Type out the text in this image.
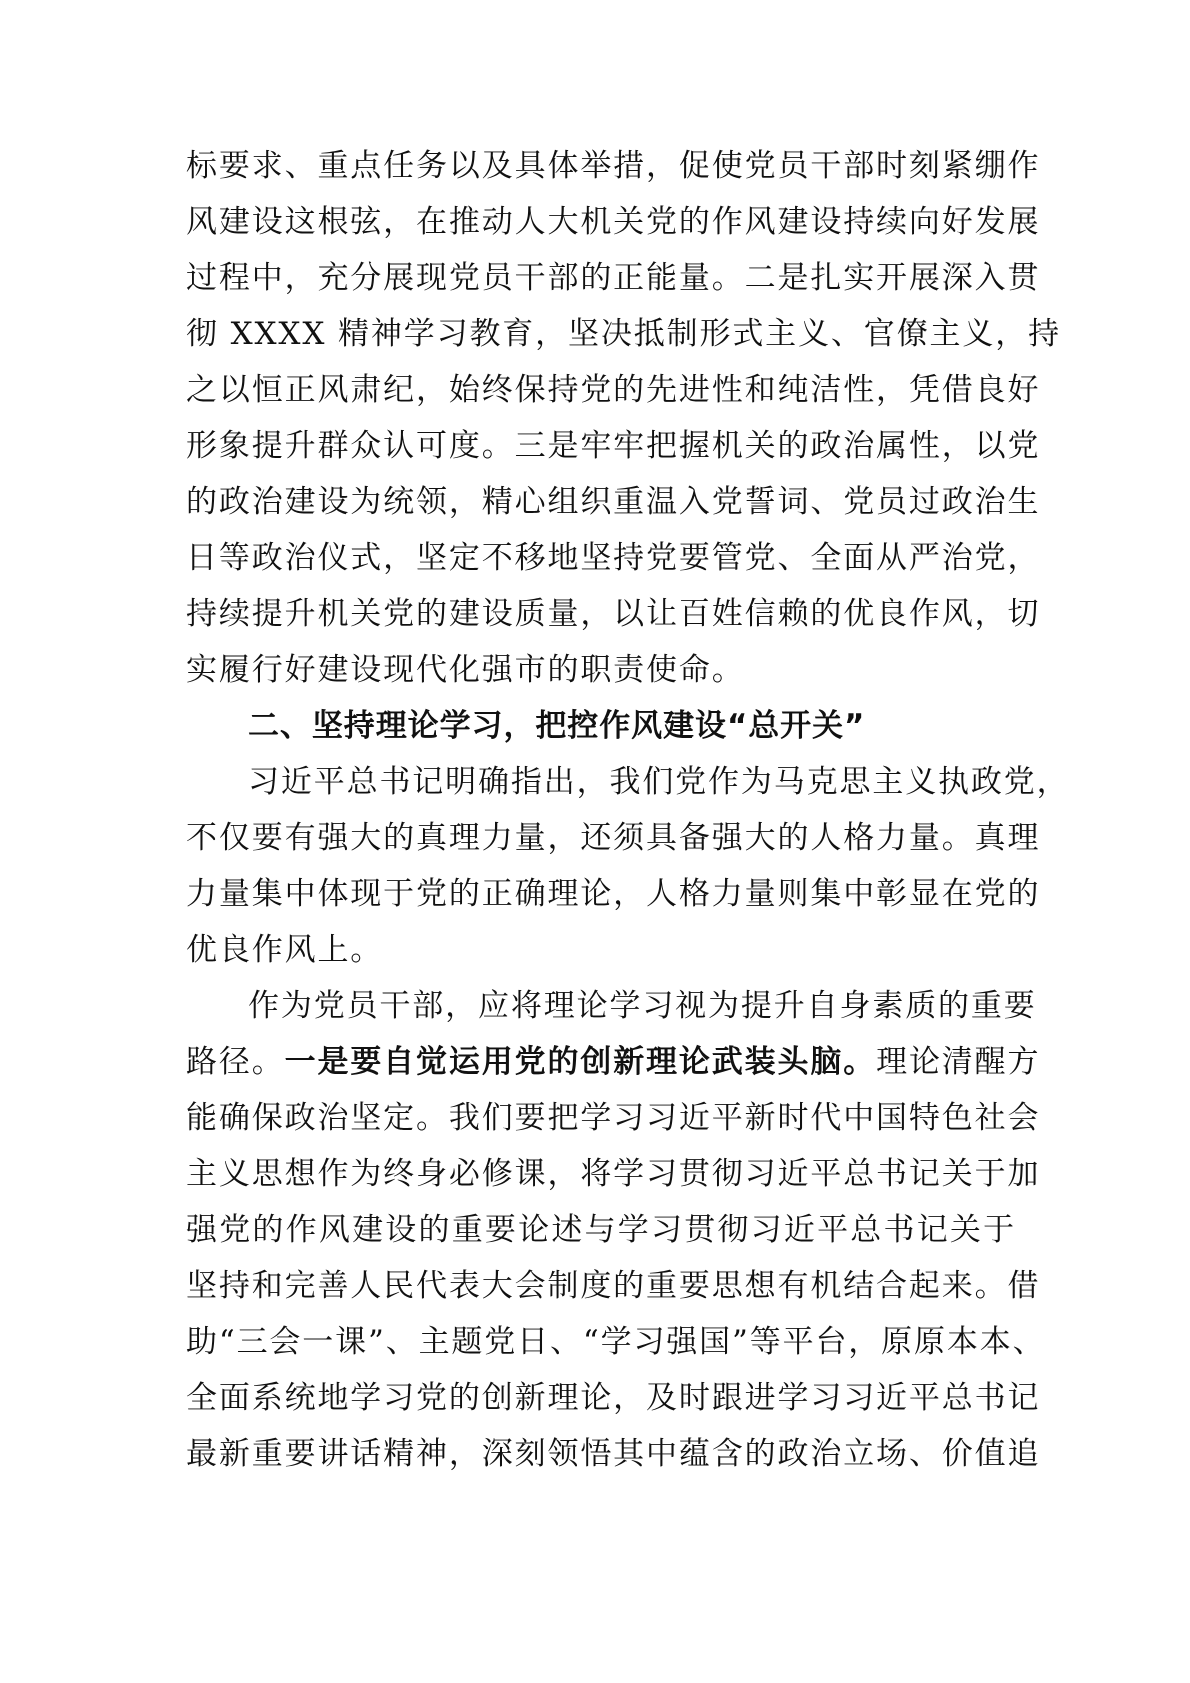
标要求、重点任务以及具体举措，促使党员干部时刻紧绷作
风建设这根弦，在推动人大机关党的作风建设持续向好发展
过程中，充分展现党员干部的正能量。二是扎实开展深入贯
彻 XXXX 精神学习教育，坚决抵制形式主义、官僚主义，持
之以恒正风肃纪，始终保持党的先进性和纯洁性，凭借良好
形象提升群众认可度。三是牢牢把握机关的政治属性，以党
的政治建设为统领，精心组织重温入党誓词、党员过政治生
日等政治仪式，坚定不移地坚持党要管党、全面从严治党，
持续提升机关党的建设质量，以让百姓信赖的优良作风，切
实履行好建设现代化强市的职责使命。
二、坚持理论学习，把控作风建设“总开关”
习近平总书记明确指出，我们党作为马克思主义执政党，
不仅要有强大的真理力量，还须具备强大的人格力量。真理
力量集中体现于党的正确理论，人格力量则集中彰显在党的
优良作风上。
作为党员干部，应将理论学习视为提升自身素质的重要
路径。一是要自觉运用党的创新理论武装头脑。理论清醒方
能确保政治坚定。我们要把学习习近平新时代中国特色社会
主义思想作为终身必修课，将学习贯彻习近平总书记关于加
强党的作风建设的重要论述与学习贯彻习近平总书记关于
坚持和完善人民代表大会制度的重要思想有机结合起来。借
助“三会一课”、主题党日、“学习强国”等平台，原原本本、
全面系统地学习党的创新理论，及时跟进学习习近平总书记
最新重要讲话精神，深刻领悟其中蕴含的政治立场、价值追
